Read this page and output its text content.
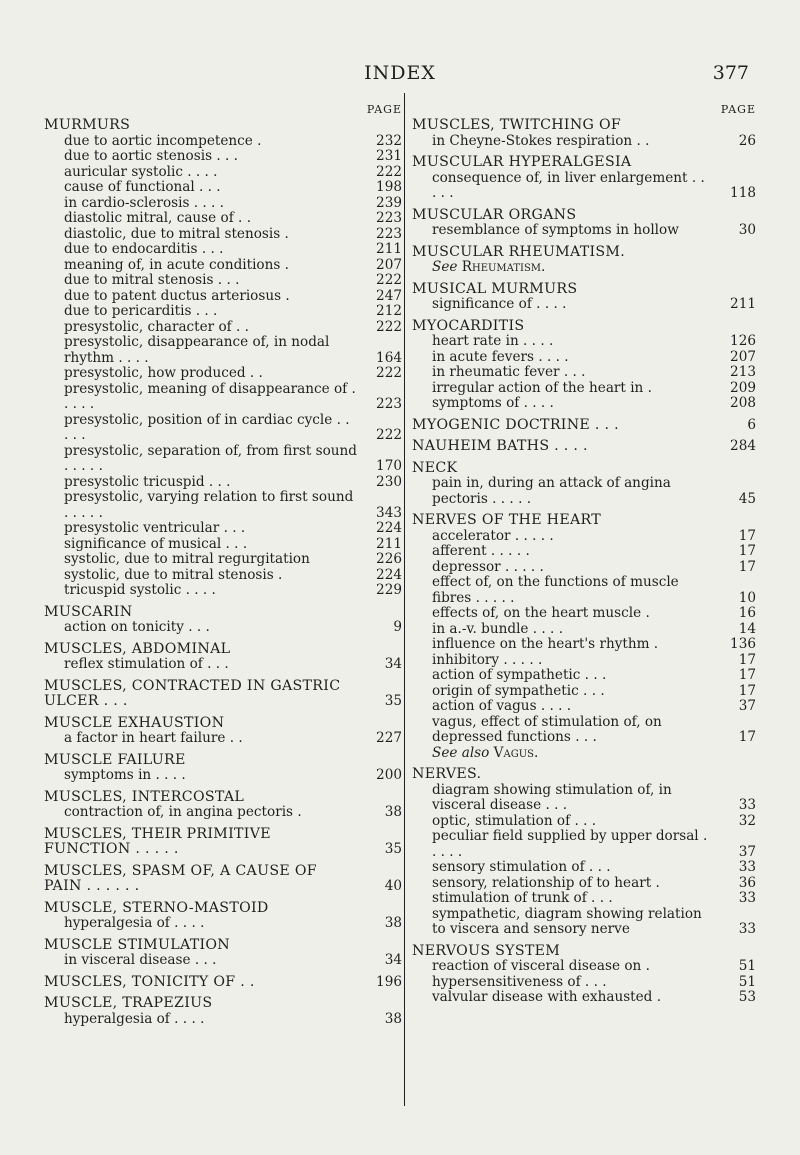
INDEX	377
PAGE
MURMURS
due to aortic incompetence .	232
due to aortic stenosis . . .	231
auricular systolic . . . .	222
cause of functional . . .	198
in cardio-sclerosis . . . .	239
diastolic mitral, cause of . .	223
diastolic, due to mitral stenosis .	223
due to endocarditis . . .	211
meaning of, in acute conditions .	207
due to mitral stenosis . . .	222
due to patent ductus arteriosus .	247
due to pericarditis . . .	212
presystolic, character of . .	222
presystolic, disappearance of, in nodal rhythm . . . .	164
presystolic, how produced . .	222
presystolic, meaning of disappearance of . . . . .	223
presystolic, position of in cardiac cycle . . . . .	222
presystolic, separation of, from first sound . . . . .	170
presystolic tricuspid . . .	230
presystolic, varying relation to first sound . . . . .	343
presystolic ventricular . . .	224
significance of musical . . .	211
systolic, due to mitral regurgitation	226
systolic, due to mitral stenosis .	224
tricuspid systolic . . . .	229
MUSCARIN
action on tonicity . . .	9
MUSCLES, ABDOMINAL
reflex stimulation of . . .	34
MUSCLES, CONTRACTED IN GASTRIC ULCER . . .	35
MUSCLE EXHAUSTION
a factor in heart failure . .	227
MUSCLE FAILURE
symptoms in . . . .	200
MUSCLES, INTERCOSTAL
contraction of, in angina pectoris .	38
MUSCLES, THEIR PRIMITIVE FUNCTION . . . . .	35
MUSCLES, SPASM OF, A CAUSE OF PAIN . . . . . .	40
MUSCLE, STERNO-MASTOID
hyperalgesia of . . . .	38
MUSCLE STIMULATION
in visceral disease . . .	34
MUSCLES, TONICITY OF . .	196
MUSCLE, TRAPEZIUS
hyperalgesia of . . . .	38
PAGE
MUSCLES, TWITCHING OF
in Cheyne-Stokes respiration . .	26
MUSCULAR HYPERALGESIA
consequence of, in liver enlargement . . . . .	118
MUSCULAR ORGANS
resemblance of symptoms in hollow	30
MUSCULAR RHEUMATISM.
See Rheumatism.
MUSICAL MURMURS
significance of . . . .	211
MYOCARDITIS
heart rate in . . . .	126
in acute fevers . . . .	207
in rheumatic fever . . .	213
irregular action of the heart in .	209
symptoms of . . . .	208
MYOGENIC DOCTRINE . . .	6
NAUHEIM BATHS . . . .	284
NECK
pain in, during an attack of angina pectoris . . . . .	45
NERVES OF THE HEART
accelerator . . . . .	17
afferent . . . . .	17
depressor . . . . .	17
effect of, on the functions of muscle fibres . . . . .	10
effects of, on the heart muscle .	16
in a.-v. bundle . . . .	14
influence on the heart's rhythm .	136
inhibitory . . . . .	17
action of sympathetic . . .	17
origin of sympathetic . . .	17
action of vagus . . . .	37
vagus, effect of stimulation of, on depressed functions . . .	17
See also Vagus.
NERVES.
diagram showing stimulation of, in visceral disease . . .	33
optic, stimulation of . . .	32
peculiar field supplied by upper dorsal . . . . .	37
sensory stimulation of . . .	33
sensory, relationship of to heart .	36
stimulation of trunk of . . .	33
sympathetic, diagram showing relation to viscera and sensory nerve	33
NERVOUS SYSTEM
reaction of visceral disease on .	51
hypersensitiveness of . . .	51
valvular disease with exhausted .	53
